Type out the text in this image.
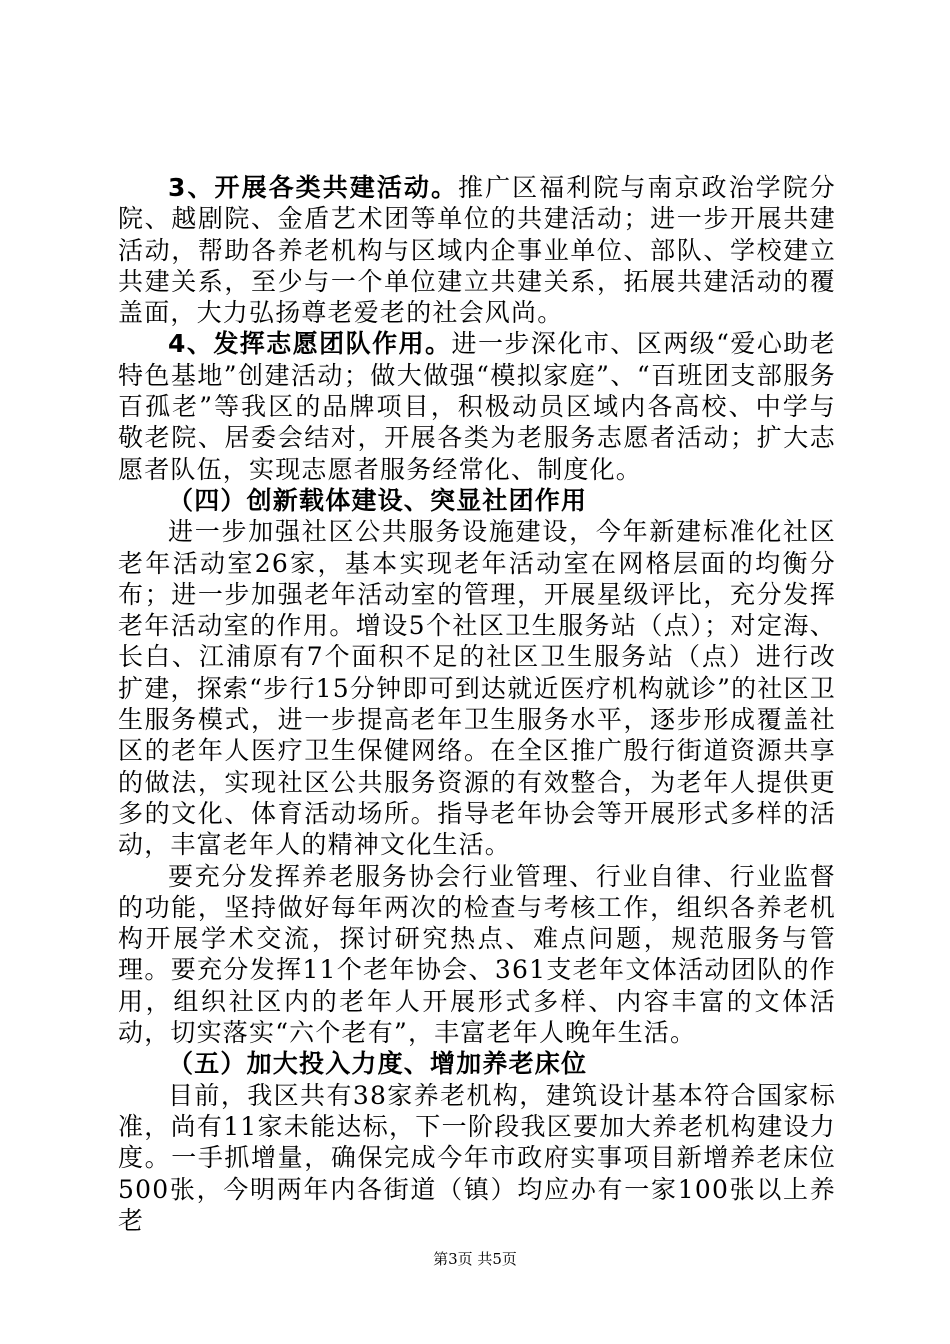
3、开展各类共建活动。推广区福利院与南京政治学院分院、越剧院、金盾艺术团等单位的共建活动；进一步开展共建活动，帮助各养老机构与区域内企事业单位、部队、学校建立共建关系，至少与一个单位建立共建关系，拓展共建活动的覆盖面，大力弘扬尊老爱老的社会风尚。

4、发挥志愿团队作用。进一步深化市、区两级“爱心助老特色基地”创建活动；做大做强“模拟家庭”、“百班团支部服务百孤老”等我区的品牌项目，积极动员区域内各高校、中学与敬老院、居委会结对，开展各类为老服务志愿者活动；扩大志愿者队伍，实现志愿者服务经常化、制度化。

（四）创新载体建设、突显社团作用

进一步加强社区公共服务设施建设，今年新建标准化社区老年活动室26家，基本实现老年活动室在网格层面的均衡分布；进一步加强老年活动室的管理，开展星级评比，充分发挥老年活动室的作用。增设5个社区卫生服务站（点）；对定海、长白、江浦原有7个面积不足的社区卫生服务站（点）进行改扩建，探索“步行15分钟即可到达就近医疗机构就诊”的社区卫生服务模式，进一步提高老年卫生服务水平，逐步形成覆盖社区的老年人医疗卫生保健网络。在全区推广殷行街道资源共享的做法，实现社区公共服务资源的有效整合，为老年人提供更多的文化、体育活动场所。指导老年协会等开展形式多样的活动，丰富老年人的精神文化生活。

要充分发挥养老服务协会行业管理、行业自律、行业监督的功能，坚持做好每年两次的检查与考核工作，组织各养老机构开展学术交流，探讨研究热点、难点问题，规范服务与管理。要充分发挥11个老年协会、361支老年文体活动团队的作用，组织社区内的老年人开展形式多样、内容丰富的文体活动，切实落实“六个老有”，丰富老年人晚年生活。

（五）加大投入力度、增加养老床位

目前，我区共有38家养老机构，建筑设计基本符合国家标准，尚有11家未能达标，下一阶段我区要加大养老机构建设力度。一手抓增量，确保完成今年市政府实事项目新增养老床位500张，今明两年内各街道（镇）均应办有一家100张以上养老

第3页 共5页
